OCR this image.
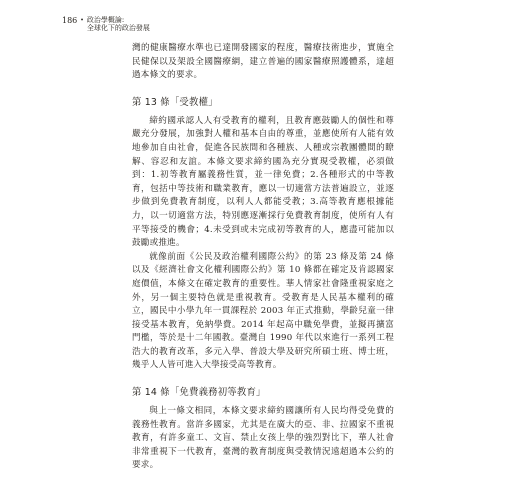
186 • 政治學概論:
全球化下的政治發展

灣的健康醫療水準也已達開發國家的程度，醫療技術進步，實施全民健保以及架設全國醫療網，建立普遍的國家醫療照護體系，達超過本條文的要求。

第 13 條「受教權」

締約國承認人人有受教育的權利，且教育應鼓勵人的個性和尊嚴充分發展，加強對人權和基本自由的尊重，並應使所有人能有效地參加自由社會，促進各民族間和各種族、人種或宗教團體間的瞭解、容忍和友誼。本條文要求締約國為充分實現受教權，必須做到：1.初等教育屬義務性質，並一律免費；2.各種形式的中等教育，包括中等技術和職業教育，應以一切適當方法普遍設立，並逐步做到免費教育制度，以利人人都能受教；3.高等教育應根據能力，以一切適當方法，特別應逐漸採行免費教育制度，使所有人有平等接受的機會；4.未受到或未完成初等教育的人，應盡可能加以鼓勵或推進。

就像前面《公民及政治權利國際公約》的第 23 條及第 24 條以及《經濟社會文化權利國際公約》第 10 條都在確定及肯認國家庭價值，本條文在確定教育的重要性。華人情家社會隆重視家庭之外，另一個主要特色就是重視教育。受教育是人民基本權利的確立，國民中小學九年一貫課程於 2003 年正式推動，學齡兒童一律接受基本教育，免納學費。2014 年起高中職免學費，並擬再擴富門檻，等於是十二年國教。臺灣自 1990 年代以來進行一系列工程浩大的教育改革，多元入學、普設大學及研究所碩士班、博士班，幾乎人人皆可進入大學接受高等教育。

第 14 條「免費義務初等教育」

與上一條文相同，本條文要求締約國讓所有人民均得受免費的義務性教育。當許多國家，尤其是在廣大的亞、非、拉國家不重視教育，有許多童工、文盲、禁止女孩上學的強烈對比下，華人社會非常重視下一代教育，臺灣的教育制度與受教情況遠超過本公約的要求。
